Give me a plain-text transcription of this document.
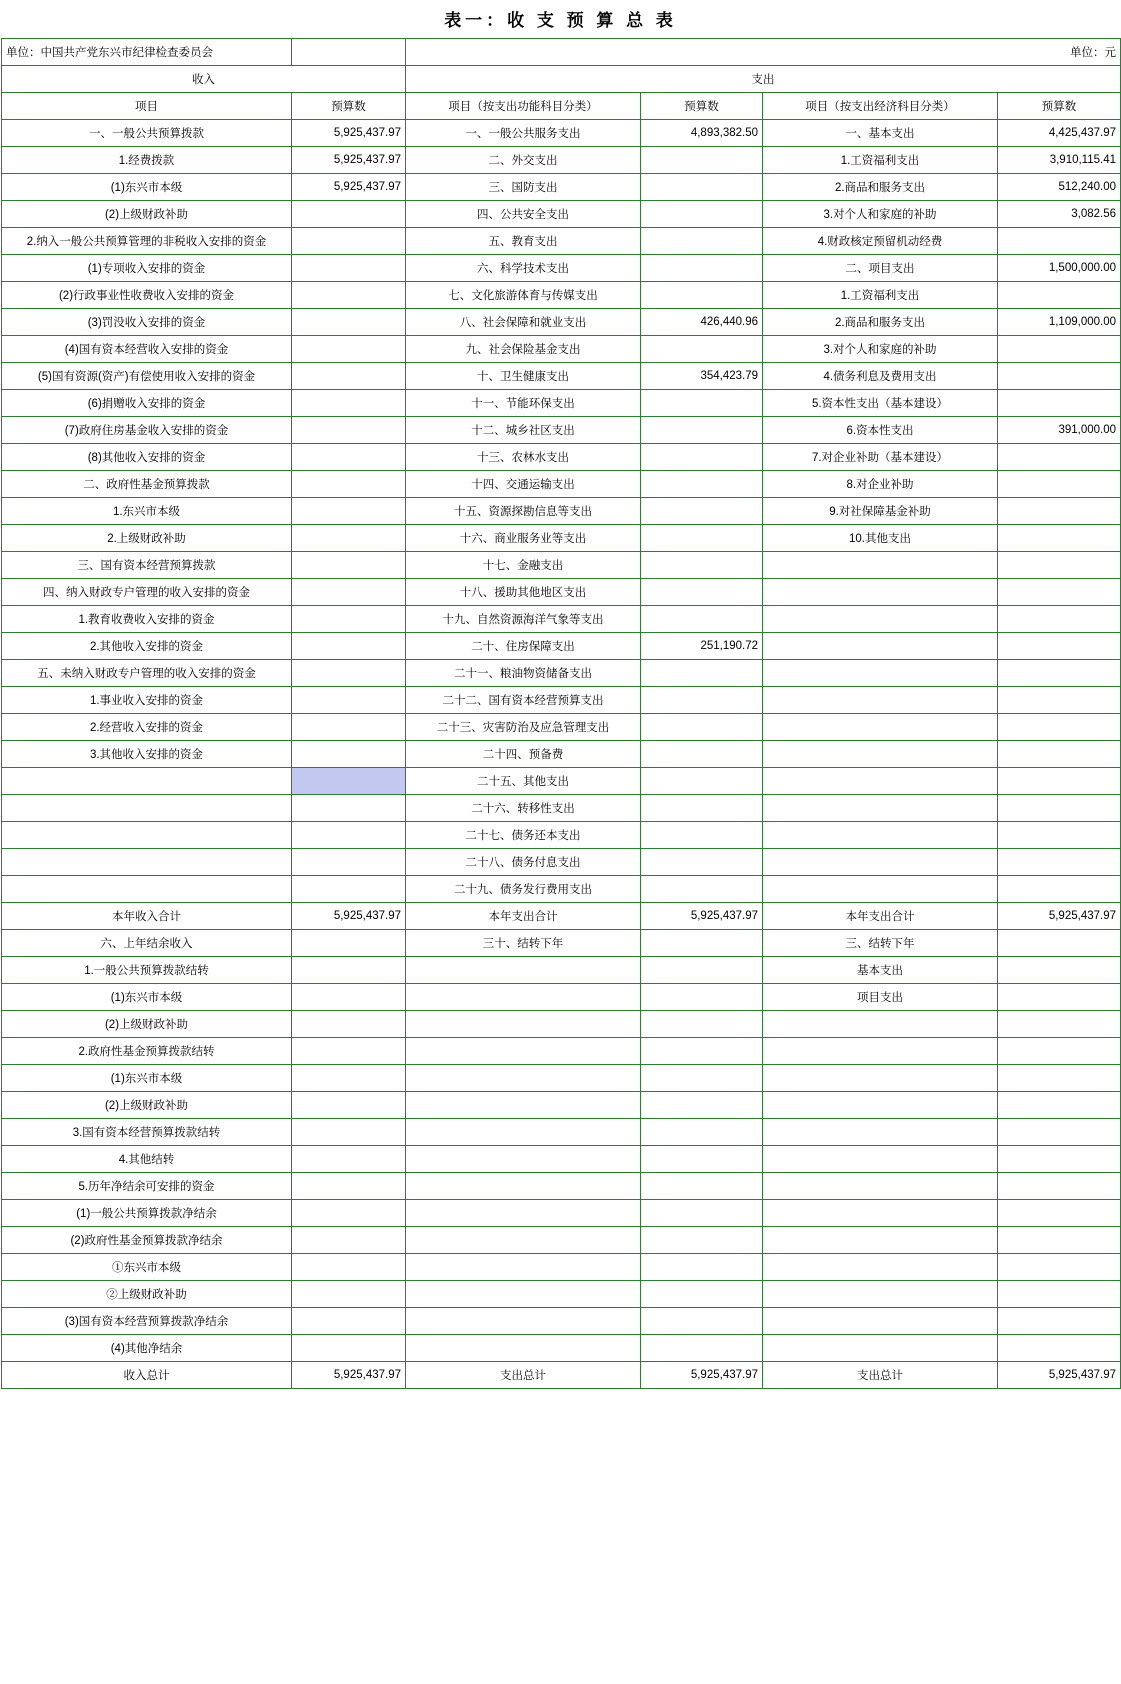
表一：收 支 预 算 总 表
单位：中国共产党东兴市纪律检查委员会		单位：元			
收入		支出			
项目	预算数	项目（按支出功能科目分类）	预算数	项目（按支出经济科目分类）	预算数
一、一般公共预算拨款	5,925,437.97	一、一般公共服务支出	4,893,382.50	一、基本支出	4,425,437.97
1.经费拨款	5,925,437.97	二、外交支出		1.工资福利支出	3,910,115.41
(1)东兴市本级	5,925,437.97	三、国防支出		2.商品和服务支出	512,240.00
(2)上级财政补助		四、公共安全支出		3.对个人和家庭的补助	3,082.56
2.纳入一般公共预算管理的非税收入安排的资金		五、教育支出		4.财政核定预留机动经费	
(1)专项收入安排的资金		六、科学技术支出		二、项目支出	1,500,000.00
(2)行政事业性收费收入安排的资金		七、文化旅游体育与传媒支出		1.工资福利支出	
(3)罚没收入安排的资金		八、社会保障和就业支出	426,440.96	2.商品和服务支出	1,109,000.00
(4)国有资本经营收入安排的资金		九、社会保险基金支出		3.对个人和家庭的补助	
(5)国有资源(资产)有偿使用收入安排的资金		十、卫生健康支出	354,423.79	4.债务利息及费用支出	
(6)捐赠收入安排的资金		十一、节能环保支出		5.资本性支出（基本建设）	
(7)政府住房基金收入安排的资金		十二、城乡社区支出		6.资本性支出	391,000.00
(8)其他收入安排的资金		十三、农林水支出		7.对企业补助（基本建设）	
二、政府性基金预算拨款		十四、交通运输支出		8.对企业补助	
1.东兴市本级		十五、资源探勘信息等支出		9.对社保障基金补助	
2.上级财政补助		十六、商业服务业等支出		10.其他支出	
三、国有资本经营预算拨款		十七、金融支出			
四、纳入财政专户管理的收入安排的资金		十八、援助其他地区支出			
1.教育收费收入安排的资金		十九、自然资源海洋气象等支出			
2.其他收入安排的资金		二十、住房保障支出	251,190.72		
五、未纳入财政专户管理的收入安排的资金		二十一、粮油物资储备支出			
1.事业收入安排的资金		二十二、国有资本经营预算支出			
2.经营收入安排的资金		二十三、灾害防治及应急管理支出			
3.其他收入安排的资金		二十四、预备费			
		二十五、其他支出			
		二十六、转移性支出			
		二十七、债务还本支出			
		二十八、债务付息支出			
		二十九、债务发行费用支出			
本年收入合计	5,925,437.97	本年支出合计	5,925,437.97	本年支出合计	5,925,437.97
六、上年结余收入		三十、结转下年		三、结转下年	
1.一般公共预算拨款结转				基本支出	
(1)东兴市本级				项目支出	
(2)上级财政补助					
2.政府性基金预算拨款结转					
(1)东兴市本级					
(2)上级财政补助					
3.国有资本经营预算拨款结转					
4.其他结转					
5.历年净结余可安排的资金					
(1)一般公共预算拨款净结余					
(2)政府性基金预算拨款净结余					
①东兴市本级					
②上级财政补助					
(3)国有资本经营预算拨款净结余					
(4)其他净结余					
收入总计	5,925,437.97	支出总计	5,925,437.97	支出总计	5,925,437.97
